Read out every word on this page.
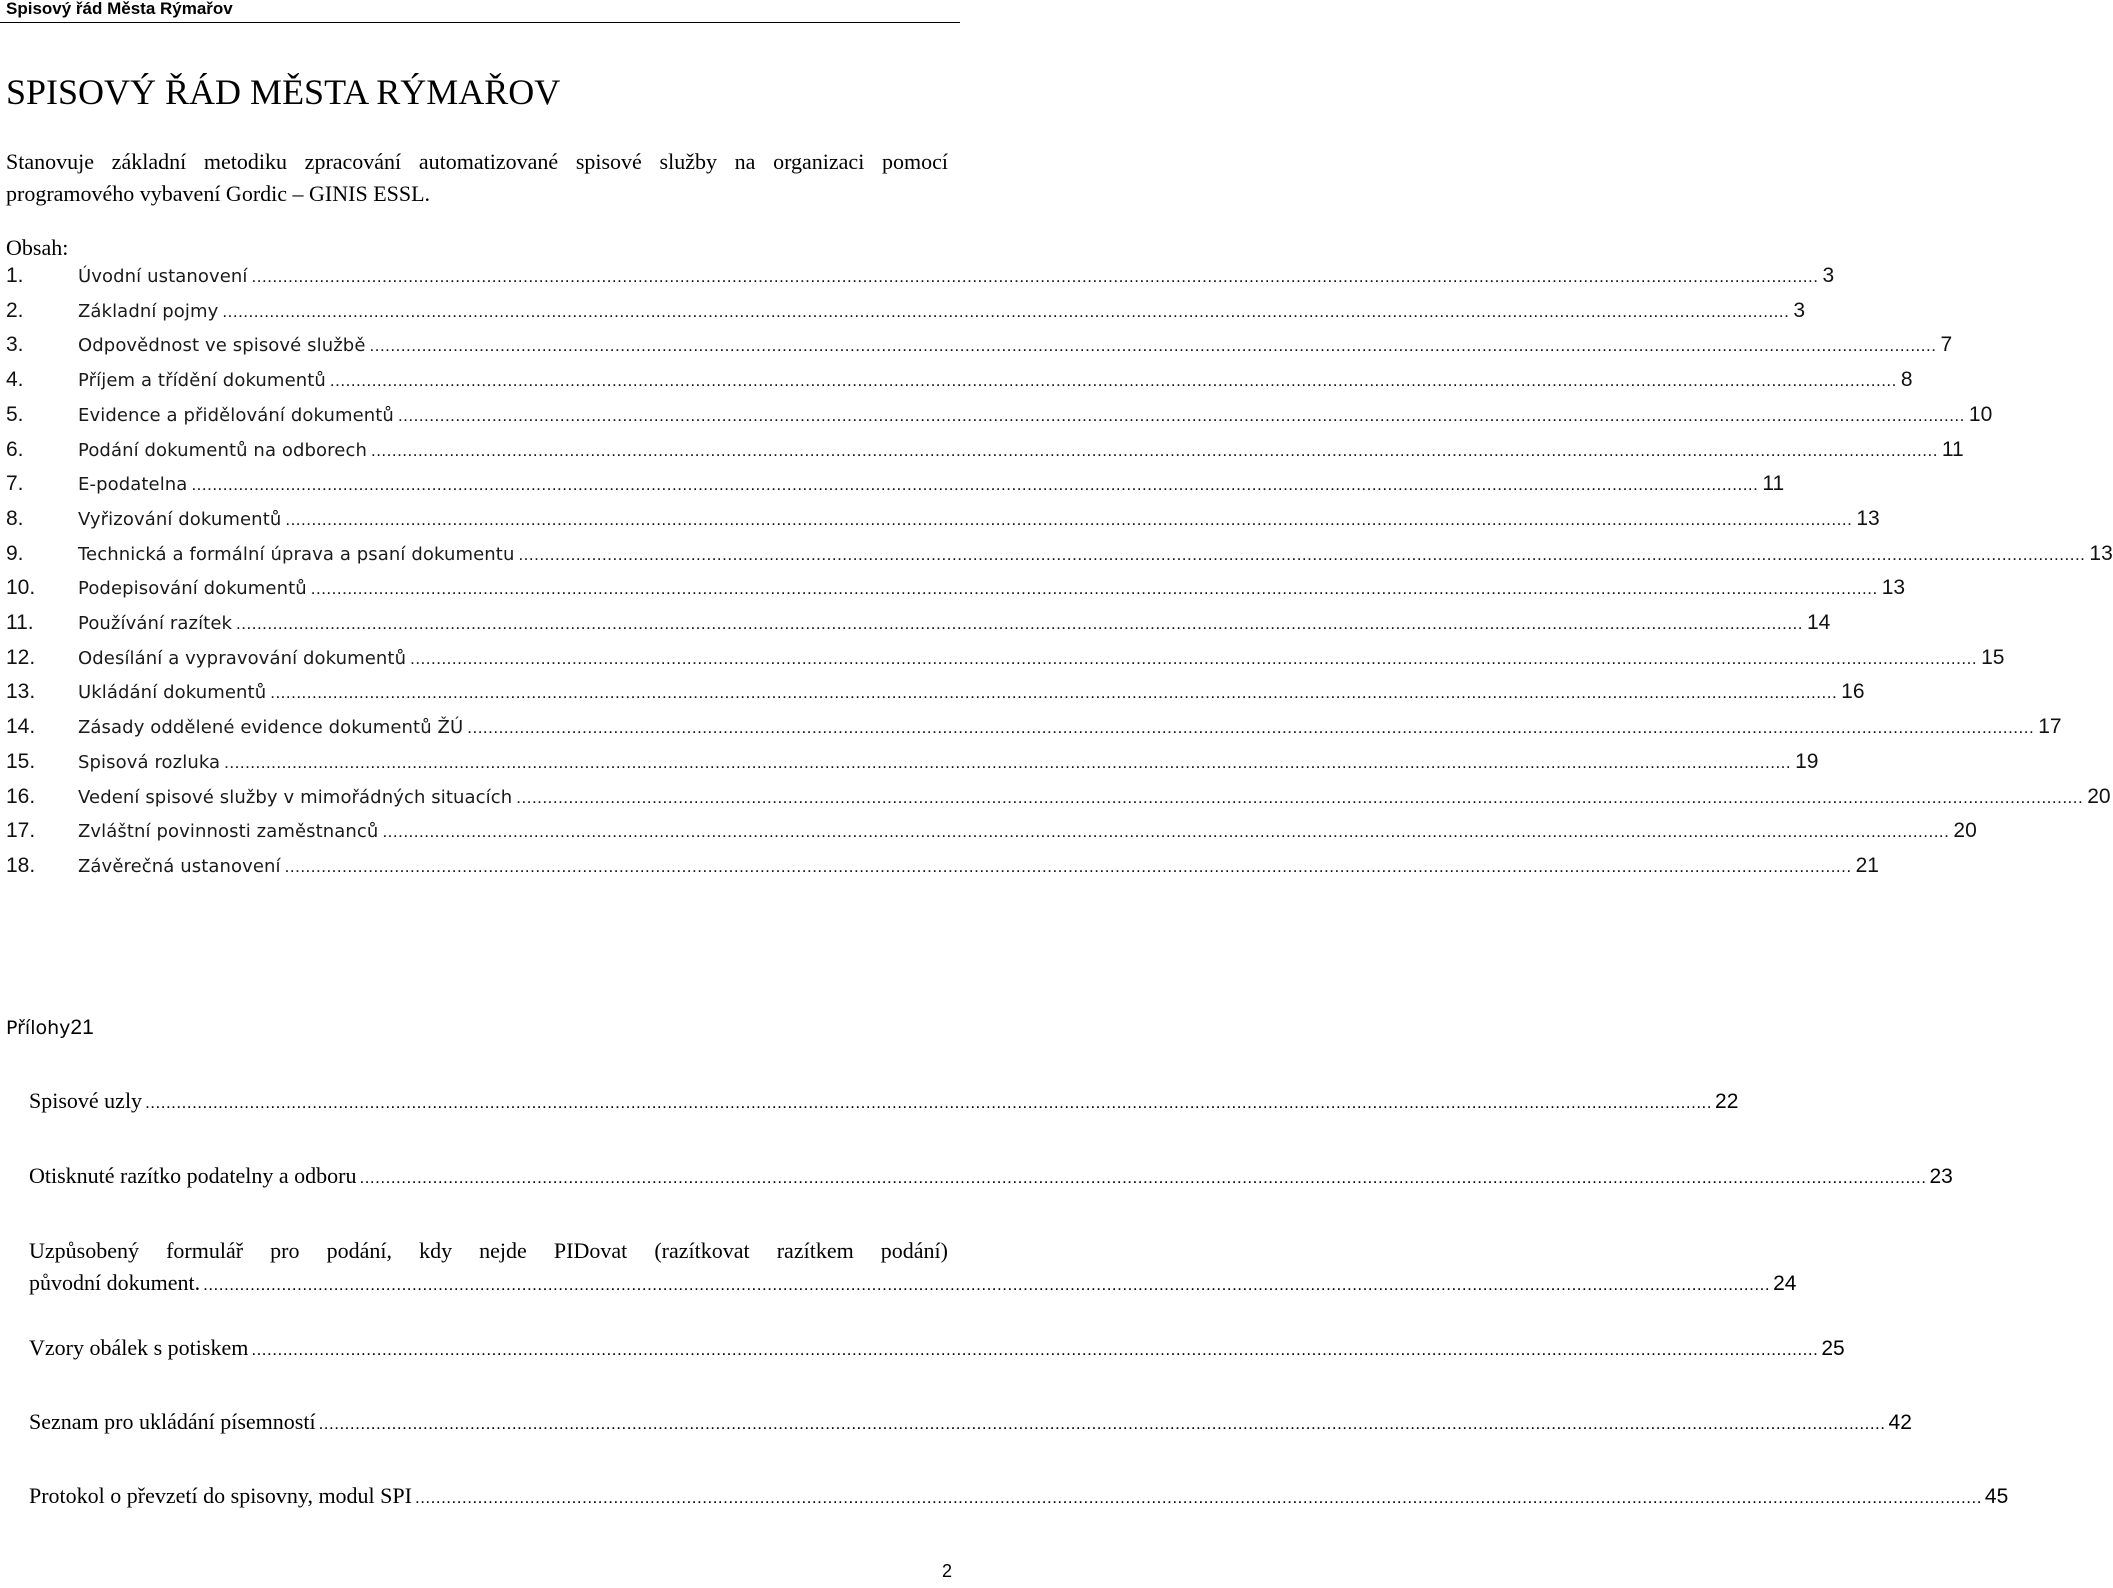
Spisový řád Města Rýmařov
SPISOVÝ ŘÁD MĚSTA RÝMAŘOV
Stanovuje základní metodiku zpracování automatizované spisové služby na organizaci pomocí programového vybavení Gordic – GINIS ESSL.
Obsah:
1.	Úvodní ustanovení ............................................................................................................................................................................................................................................................................................................ 3
2.	Základní pojmy ............................................................................................................................................................................................................................................................................................................ 3
3.	Odpovědnost ve spisové službě ............................................................................................................................................................................................................................................................................................................ 7
4.	Příjem a třídění dokumentů ............................................................................................................................................................................................................................................................................................................ 8
5.	Evidence a přidělování dokumentů ............................................................................................................................................................................................................................................................................................................ 10
6.	Podání dokumentů na odborech ............................................................................................................................................................................................................................................................................................................ 11
7.	E-podatelna ............................................................................................................................................................................................................................................................................................................ 11
8.	Vyřizování dokumentů ............................................................................................................................................................................................................................................................................................................ 13
9.	Technická a formální úprava a psaní dokumentu ............................................................................................................................................................................................................................................................................................................ 13
10.	Podepisování dokumentů ............................................................................................................................................................................................................................................................................................................ 13
11.	Používání razítek ............................................................................................................................................................................................................................................................................................................ 14
12.	Odesílání a vypravování dokumentů ............................................................................................................................................................................................................................................................................................................ 15
13.	Ukládání dokumentů ............................................................................................................................................................................................................................................................................................................ 16
14.	Zásady oddělené evidence dokumentů ŽÚ ............................................................................................................................................................................................................................................................................................................ 17
15.	Spisová rozluka ............................................................................................................................................................................................................................................................................................................ 19
16.	Vedení spisové služby v mimořádných situacích ............................................................................................................................................................................................................................................................................................................ 20
17.	Zvláštní povinnosti zaměstnanců ............................................................................................................................................................................................................................................................................................................ 20
18.	Závěrečná ustanovení ............................................................................................................................................................................................................................................................................................................ 21
Přílohy21
Spisové uzly ............................................................................................................................................................................................................................................................................................................ 22
Otisknuté razítko podatelny a odboru ............................................................................................................................................................................................................................................................................................................ 23
Uzpůsobený formulář pro podání, kdy nejde PIDovat (razítkovat razítkem podání)
původní dokument. ............................................................................................................................................................................................................................................................................................................ 24
Vzory obálek s potiskem ............................................................................................................................................................................................................................................................................................................ 25
Seznam pro ukládání písemností ............................................................................................................................................................................................................................................................................................................ 42
Protokol o převzetí do spisovny, modul SPI ............................................................................................................................................................................................................................................................................................................ 45
2
